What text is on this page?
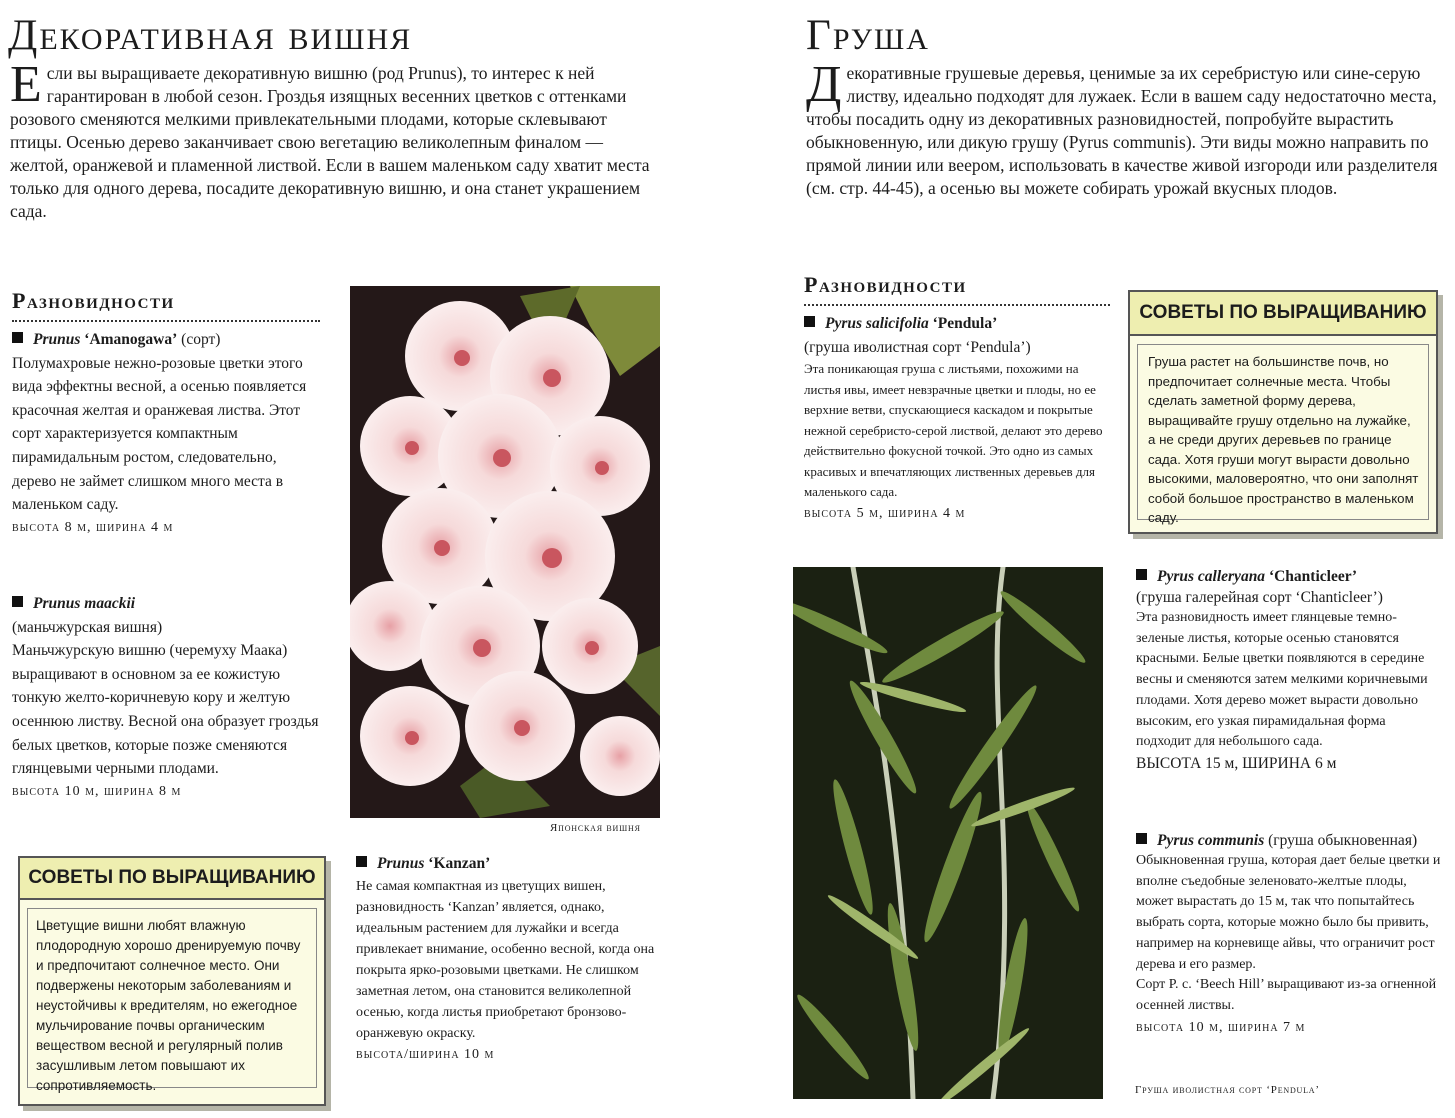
Декоративная вишня

Если вы выращиваете декоративную вишню (род Prunus), то интерес к ней гарантирован в любой сезон. Гроздья изящных весенних цветков с оттенками розового сменяются мелкими привлекательными плодами, которые склевывают птицы. Осенью дерево заканчивает свою вегетацию великолепным финалом — желтой, оранжевой и пламенной листвой. Если в вашем маленьком саду хватит места только для одного дерева, посадите декоративную вишню, и она станет украшением сада.

Разновидности

Prunus ‘Amanogawa’ (сорт)

Полумахровые нежно-розовые цветки этого вида эффектны весной, а осенью появляется красочная желтая и оранжевая листва. Этот сорт характеризуется компактным пирамидальным ростом, следовательно, дерево не займет слишком много места в маленьком саду.

высота 8 м, ширина 4 м

Prunus maackii

(маньчжурская вишня)

Маньчжурскую вишню (черемуху Маака) выращивают в основном за ее кожистую тонкую желто-коричневую кору и желтую осеннюю листву. Весной она образует гроздья белых цветков, которые позже сменяются глянцевыми черными плодами.

высота 10 м, ширина 8 м

Японская вишня

СОВЕТЫ ПО ВЫРАЩИВАНИЮ

Цветущие вишни любят влажную плодородную хорошо дренируемую почву и предпочитают солнечное место. Они подвержены некоторым заболеваниям и неустойчивы к вредителям, но ежегодное мульчирование почвы органическим веществом весной и регулярный полив засушливым летом повышают их сопротивляемость.

Prunus ‘Kanzan’

Не самая компактная из цветущих вишен, разновидность ‘Kanzan’ является, однако, идеальным растением для лужайки и всегда привлекает внимание, особенно весной, когда она покрыта ярко-розовыми цветками. Не слишком заметная летом, она становится великолепной осенью, когда листья приобретают бронзово-оранжевую окраску.

высота/ширина 10 м

Груша

Декоративные грушевые деревья, ценимые за их серебристую или сине-серую листву, идеально подходят для лужаек. Если в вашем саду недостаточно места, чтобы посадить одну из декоративных разновидностей, попробуйте вырастить обыкновенную, или дикую грушу (Pyrus communis). Эти виды можно направить по прямой линии или веером, использовать в качестве живой изгороди или разделителя (см. стр. 44-45), а осенью вы можете собирать урожай вкусных плодов.

Разновидности

Pyrus salicifolia ‘Pendula’

(груша иволистная сорт ‘Pendula’)

Эта поникающая груша с листьями, похожими на листья ивы, имеет невзрачные цветки и плоды, но ее верхние ветви, спускающиеся каскадом и покрытые нежной серебристо-серой листвой, делают это дерево действительно фокусной точкой. Это одно из самых красивых и впечатляющих лиственных деревьев для маленького сада.

высота 5 м, ширина 4 м

СОВЕТЫ ПО ВЫРАЩИВАНИЮ

Груша растет на большинстве почв, но предпочитает солнечные места. Чтобы сделать заметной форму дерева, выращивайте грушу отдельно на лужайке, а не среди других деревьев по границе сада. Хотя груши могут вырасти довольно высокими, маловероятно, что они заполнят собой большое пространство в маленьком саду.

Груша иволистная сорт ‘Pendula’

Pyrus calleryana ‘Chanticleer’

(груша галерейная сорт ‘Chanticleer’)

Эта разновидность имеет глянцевые темно-зеленые листья, которые осенью становятся красными. Белые цветки появляются в середине весны и сменяются затем мелкими коричневыми плодами. Хотя дерево может вырасти довольно высоким, его узкая пирамидальная форма подходит для небольшого сада.

ВЫСОТА 15 м, ШИРИНА 6 м

Pyrus communis (груша обыкновенная)

Обыкновенная груша, которая дает белые цветки и вполне съедобные зеленовато-желтые плоды, может вырастать до 15 м, так что попытайтесь выбрать сорта, которые можно было бы привить, например на корневище айвы, что ограничит рост дерева и его размер.

Сорт P. c. ‘Beech Hill’ выращивают из-за огненной осенней листвы.

высота 10 м, ширина 7 м
